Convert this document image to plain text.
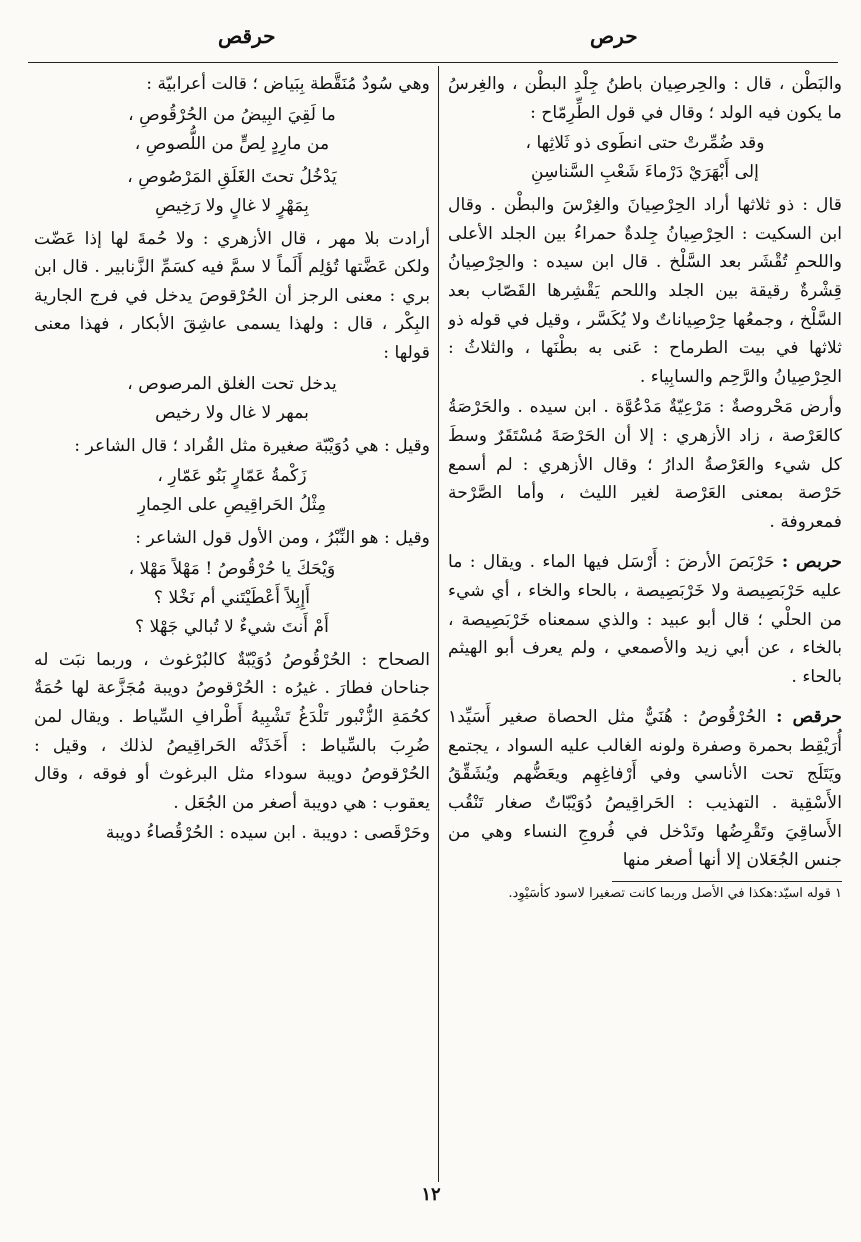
حرص
حرقص

والبَطْن ، قال : والحِرصِيان باطنُ جِلْدِ البطْن ، والغِرسُ ما يكون فيه الولد ؛ وقال في قول الطِّرِمّاح :

وقد ضُمِّرتْ حتى انطَوى ذو ثَلاثِها ،
إلى أَبْهَرَيْ دَرْماءَ شَعْبِ السَّناسِنِ

قال : ذو ثلاثها أراد الحِرْصِيانَ والغِرْسَ والبطْن . وقال ابن السكيت : الحِرْصِيانُ جِلدةٌ حمراءُ بين الجلد الأعلى واللحمِ تُقْشَر بعد السَّلْخ . قال ابن سيده : والحِرْصِيانُ قِشْرةٌ رقيقة بين الجلد واللحم يَقْشِرها القَصّاب بعد السَّلْخ ، وجمعُها حِرْصِياناتٌ ولا يُكَسَّر ، وقيل في قوله ذو ثلاثها في بيت الطرماح : عَنى به بطْنَها ، والثلاثُ : الحِرْصِيانُ والرَّحِم والسابِياء .

وأرض مَحْروصةٌ : مَرْعِيّةٌ مَدْعُوَّة . ابن سيده . والحَرْصَةُ كالعَرْصة ، زاد الأزهري : إلا أن الحَرْصَةَ مُسْتَقَرٌ وسطَ كل شيء والعَرْصةُ الدارُ ؛ وقال الأزهري : لم أسمع حَرْصة بمعنى العَرْصة لغير الليث ، وأما الصَّرْحة فمعروفة .

حربص : حَرْبَصَ الأرضَ : أَرْسَل فيها الماء . ويقال : ما عليه حَرْبَصِيصة ولا خَرْبَصِيصة ، بالحاء والخاء ، أي شيء من الحلْي ؛ قال أبو عبيد : والذي سمعناه خَرْبَصِيصة ، بالخاء ، عن أبي زيد والأصمعي ، ولم يعرف أبو الهيثم بالحاء .

حرقص : الحُرْقُوصُ : هُنَيٌّ مثل الحصاة صغير أَسَيِّد١ أُرَيْقِط بحمرة وصفرة ولونه الغالب عليه السواد ، يجتمع ويَتَلَج تحت الأناسي وفي أَرْفاغِهِم ويعَضُّهم ويُشَقِّقُ الأَسْقِية . التهذيب : الحَراقِيصُ دُوَيْبّاتٌ صغار تَنْقُب الأَساقِيَ وتَقْرِضُها وتَدْخل في فُروجِ النساء وهي من جنس الجُعَلان إلا أنها أصغر منها

١ قوله اسيّد:هكذا في الأصل وربما كانت تصغيرا لاسود كأسَيْوِد.

وهي سُودٌ مُنَقَّطة بِبَياض ؛ قالت أعرابيّة :

ما لَقِيَ البِيضُ من الحُرْقُوصِ ،
من مارِدٍ لِصٍّ من اللُّصوصِ ،
يَدْخُلُ تحتَ الغَلَقِ المَرْصُوصِ ،
بِمَهْرٍ لا غالٍ ولا رَخِيصِ

أرادت بلا مهر ، قال الأزهري : ولا حُمةَ لها إذا عَضّت ولكن عَضَّتها تُؤلِم أَلَماً لا سمَّ فيه كسَمِّ الزَّنابير . قال ابن بري : معنى الرجز أن الحُرْقوصَ يدخل في فرج الجارية البِكْر ، قال : ولهذا يسمى عاشِقَ الأبكار ، فهذا معنى قولها :

يدخل تحت الغلق المرصوص ،
بمهر لا غال ولا رخيص

وقيل : هي دُوَيْبّة صغيرة مثل القُراد ؛ قال الشاعر :

زَكْمةُ عَمّارٍ بَنُو عَمّارِ ،
مِثْلُ الحَراقِيصِ على الحِمارِ

وقيل : هو النِّبْرُ ، ومن الأول قول الشاعر :

وَيْحَكَ يا حُرْقُوصُ ! مَهْلاً مَهْلا ،
أَإِبِلاً أَعْطَيْتَني أم نَخْلا ؟
أَمْ أَنتَ شيءٌ لا تُبالي جَهْلا ؟

الصحاح : الحُرْقُوصُ دُوَيْبّةٌ كالبُرْغوث ، وربما نبَت له جناحان فطارَ . غيرُه : الحُرْقوصُ دويبة مُجَزَّعة لها حُمَةٌ كحُمَةِ الزُّنْبور تَلْدَغُ تَشْبِيهُ أَطْرافِ السِّياط . ويقال لمن ضُرِبَ بالسِّياط : أَخَذَتْه الحَراقِيصُ لذلك ، وقيل : الحُرْقوصُ دويبة سوداء مثل البرغوث أو فوقه ، وقال يعقوب : هي دويبة أصغر من الجُعَل .

وحَرْقَصى : دويبة . ابن سيده : الحُرْقُصاءُ دويبة

١٢
